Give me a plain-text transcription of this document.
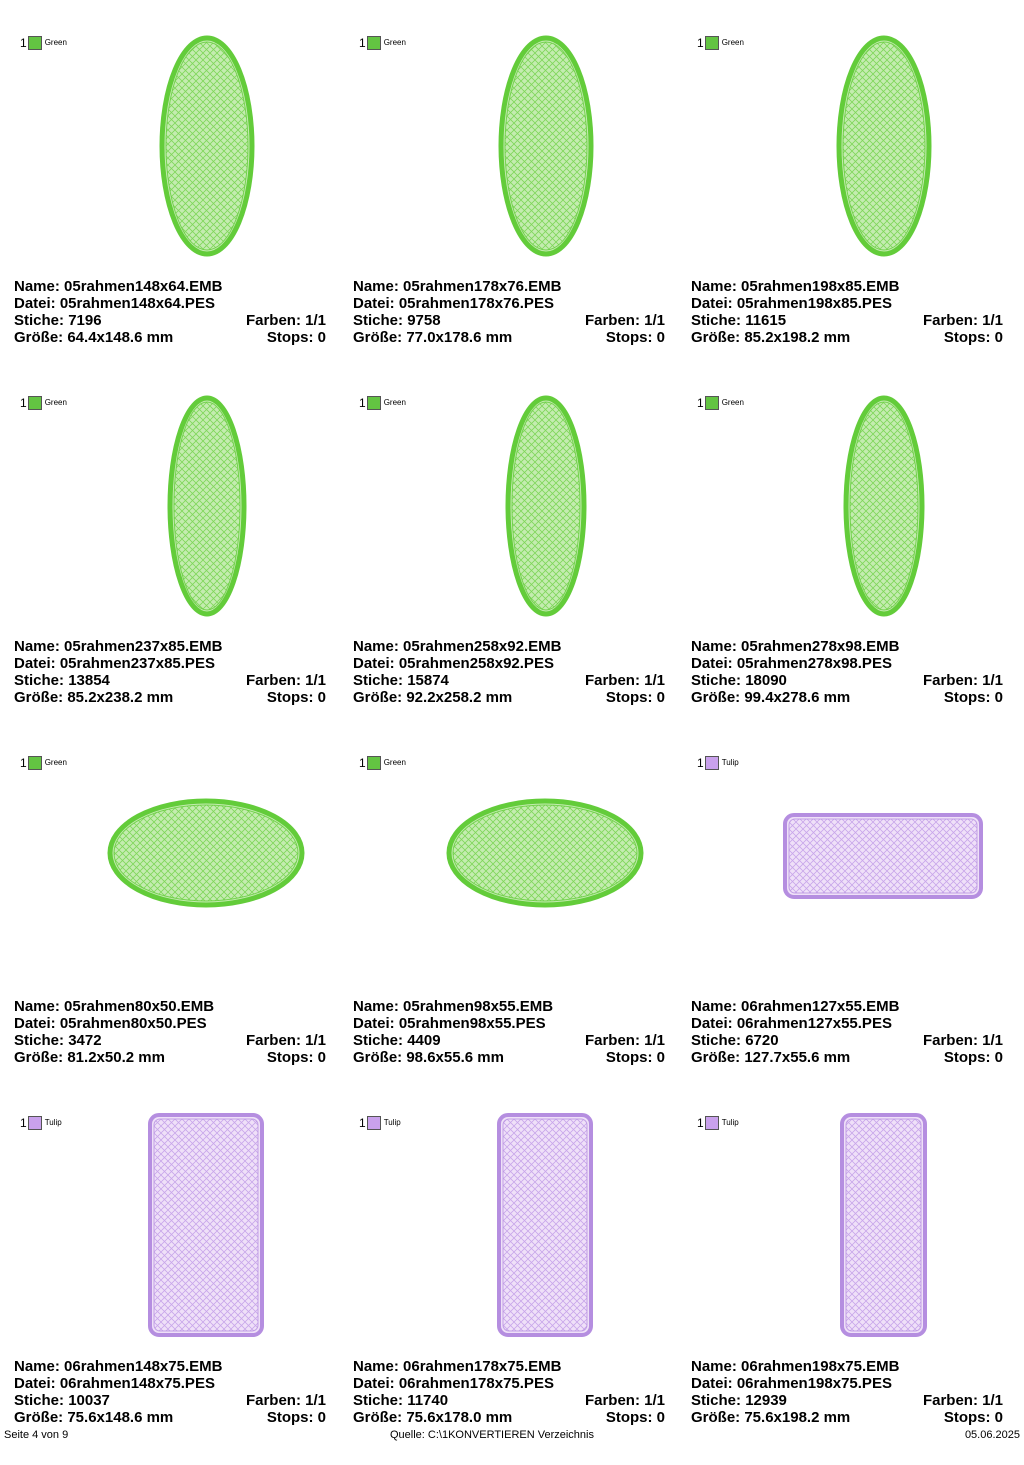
1 Green
Name: 05rahmen148x64.EMB
Datei: 05rahmen148x64.PES
Stiche: 7196	Farben: 1/1
Größe: 64.4x148.6 mm	Stops: 0
1 Green
Name: 05rahmen178x76.EMB
Datei: 05rahmen178x76.PES
Stiche: 9758	Farben: 1/1
Größe: 77.0x178.6 mm	Stops: 0
1 Green
Name: 05rahmen198x85.EMB
Datei: 05rahmen198x85.PES
Stiche: 11615	Farben: 1/1
Größe: 85.2x198.2 mm	Stops: 0
1 Green
Name: 05rahmen237x85.EMB
Datei: 05rahmen237x85.PES
Stiche: 13854	Farben: 1/1
Größe: 85.2x238.2 mm	Stops: 0
1 Green
Name: 05rahmen258x92.EMB
Datei: 05rahmen258x92.PES
Stiche: 15874	Farben: 1/1
Größe: 92.2x258.2 mm	Stops: 0
1 Green
Name: 05rahmen278x98.EMB
Datei: 05rahmen278x98.PES
Stiche: 18090	Farben: 1/1
Größe: 99.4x278.6 mm	Stops: 0
1 Green
Name: 05rahmen80x50.EMB
Datei: 05rahmen80x50.PES
Stiche: 3472	Farben: 1/1
Größe: 81.2x50.2 mm	Stops: 0
1 Green
Name: 05rahmen98x55.EMB
Datei: 05rahmen98x55.PES
Stiche: 4409	Farben: 1/1
Größe: 98.6x55.6 mm	Stops: 0
1 Tulip
Name: 06rahmen127x55.EMB
Datei: 06rahmen127x55.PES
Stiche: 6720	Farben: 1/1
Größe: 127.7x55.6 mm	Stops: 0
1 Tulip
Name: 06rahmen148x75.EMB
Datei: 06rahmen148x75.PES
Stiche: 10037	Farben: 1/1
Größe: 75.6x148.6 mm	Stops: 0
1 Tulip
Name: 06rahmen178x75.EMB
Datei: 06rahmen178x75.PES
Stiche: 11740	Farben: 1/1
Größe: 75.6x178.0 mm	Stops: 0
1 Tulip
Name: 06rahmen198x75.EMB
Datei: 06rahmen198x75.PES
Stiche: 12939	Farben: 1/1
Größe: 75.6x198.2 mm	Stops: 0
Seite 4 von 9	Quelle: C:\1KONVERTIEREN Verzeichnis	05.06.2025
